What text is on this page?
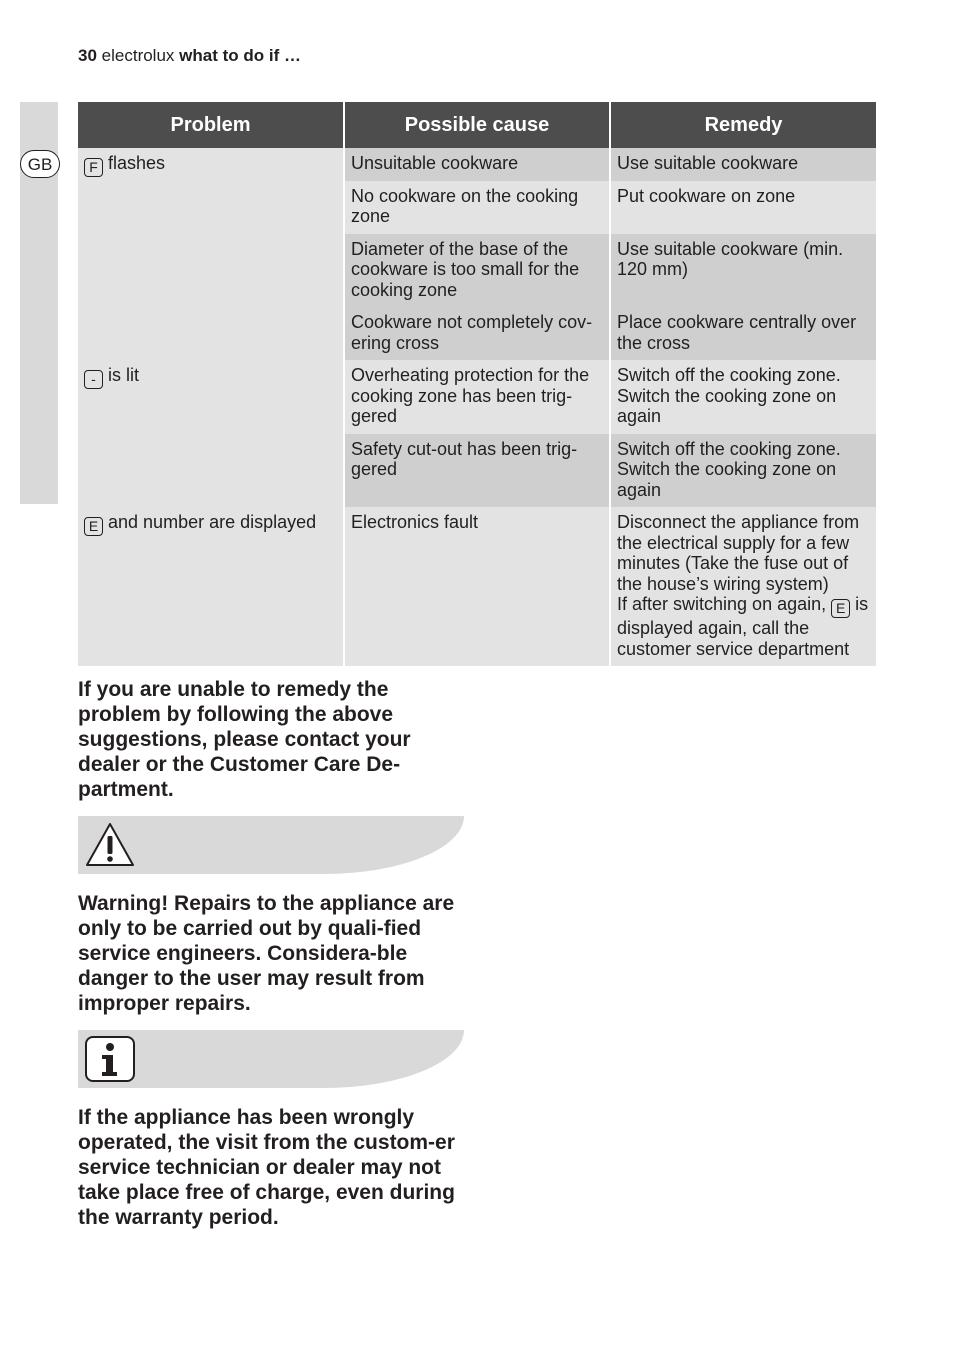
30 electrolux what to do if …
GB
Problem	Possible cause	Remedy
F flashes	Unsuitable cookware	Use suitable cookware
	No cookware on the cooking zone	Put cookware on zone
	Diameter of the base of the cookware is too small for the cooking zone	Use suitable cookware (min. 120 mm)
	Cookware not completely cov-ering cross	Place cookware centrally over the cross
- is lit	Overheating protection for the cooking zone has been trig-gered	Switch off the cooking zone. Switch the cooking zone on again
	Safety cut-out has been trig-gered	Switch off the cooking zone. Switch the cooking zone on again
E and number are displayed	Electronics fault	Disconnect the appliance from the electrical supply for a few minutes (Take the fuse out of the house’s wiring system)
If after switching on again, E is displayed again, call the customer service department
If you are unable to remedy the problem by following the above suggestions, please contact your dealer or the Customer Care De-partment.
Warning! Repairs to the appliance are only to be carried out by quali-fied service engineers. Considera-ble danger to the user may result from improper repairs.
If the appliance has been wrongly operated, the visit from the custom-er service technician or dealer may not take place free of charge, even during the warranty period.
